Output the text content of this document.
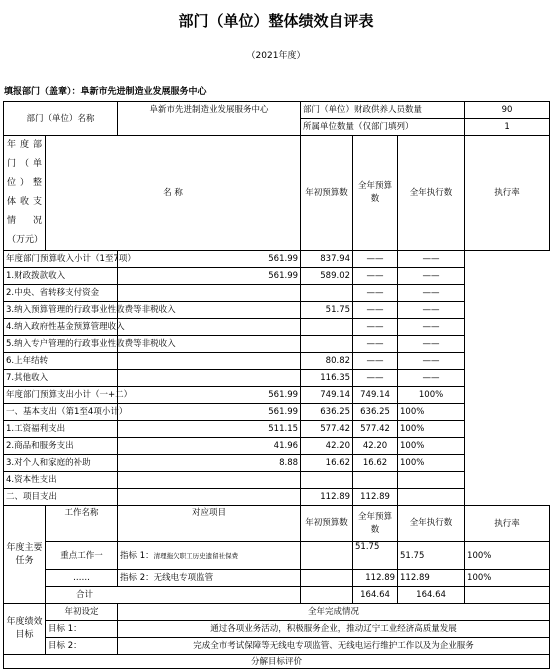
部门（单位）整体绩效自评表
（2021年度）
填报部门（盖章）：阜新市先进制造业发展服务中心
部门（单位）名称		阜新市先进制造业发展服务中心	部门（单位）财政供养人员数量			90
			所属单位数量（仅部门填列）			1
年度部门（单位）整体收支情况（万元）	名 称		年初预算数	全年预算数	全年执行数	执行率
年度部门预算收入小计（1至7项）		561.99	837.94	——	——	
1.财政拨款收入		561.99	589.02	——	——	
2.中央、省转移支付资金				——	——	
3.纳入预算管理的行政事业性收费等非税收入			51.75	——	——	
4.纳入政府性基金预算管理收入				——	——	
5.纳入专户管理的行政事业性收费等非税收入				——	——	
6.上年结转			80.82	——	——	
7.其他收入			116.35	——	——	
年度部门预算支出小计（一+二）		561.99	749.14	749.14	100%	
一、基本支出（第1至4项小计）		561.99	636.25	636.25	100%	
1.工资福利支出		511.15	577.42	577.42	100%	
2.商品和服务支出		41.96	42.20	42.20	100%	
3.对个人和家庭的补助		8.88	16.62	16.62	100%	
4.资本性支出						
二、项目支出			112.89	112.89		
年度主要任务	工作名称	对应项目	年初预算数	全年预算数	全年执行数	执行率
	重点工作一	指标 1：清理拖欠职工历史遗留社保费		51.75	51.75	100%
	……	指标 2：无线电专项监管		112.89	112.89	100%
	合计			164.64	164.64	
年度绩效目标	年初设定	全年完成情况				
	目标 1：	通过各项业务活动，积极服务企业，推动辽宁工业经济高质量发展				
	目标 2：	完成全市考试保障等无线电专项监管、无线电运行维护工作以及为企业服务				
分解目标评价						
